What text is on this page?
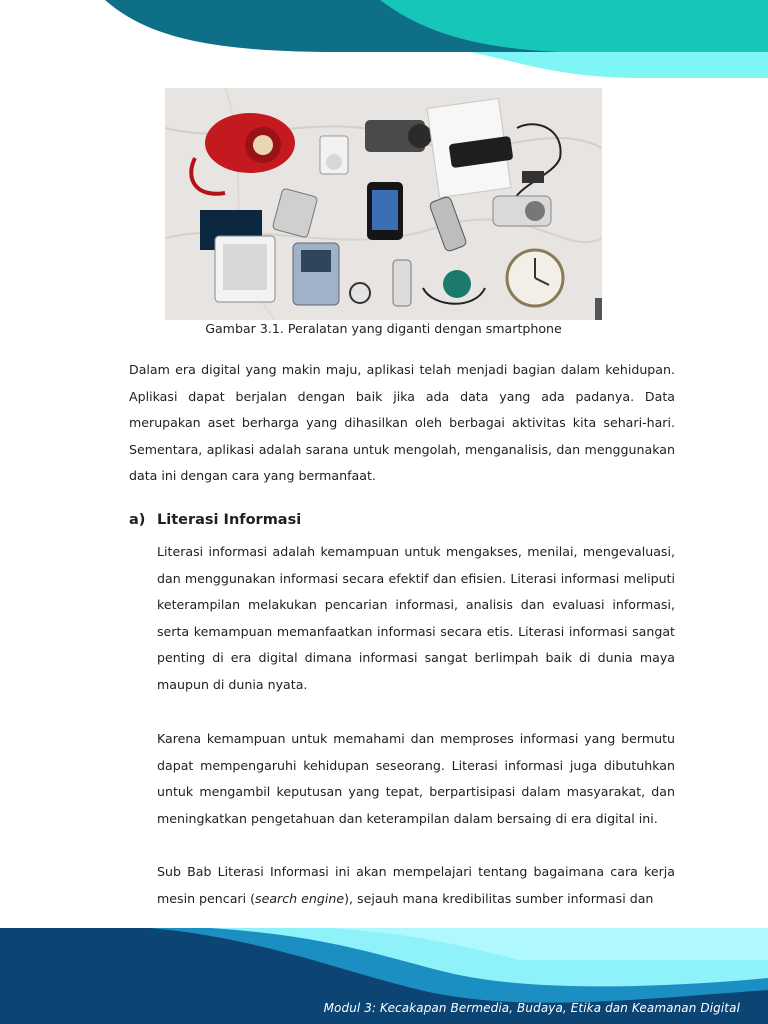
Gambar 3.1. Peralatan yang diganti dengan smartphone

Dalam era digital yang makin maju, aplikasi telah menjadi bagian dalam kehidupan. Aplikasi dapat berjalan dengan baik jika ada data yang ada padanya. Data merupakan aset berharga yang dihasilkan oleh berbagai aktivitas kita sehari-hari. Sementara, aplikasi adalah sarana untuk mengolah, menganalisis, dan menggunakan data ini dengan cara yang bermanfaat.

a) Literasi Informasi

Literasi informasi adalah kemampuan untuk mengakses, menilai, mengevaluasi, dan menggunakan informasi secara efektif dan efisien. Literasi informasi meliputi keterampilan melakukan pencarian informasi, analisis dan evaluasi informasi, serta kemampuan memanfaatkan informasi secara etis. Literasi informasi sangat penting di era digital dimana informasi sangat berlimpah baik di dunia maya maupun di dunia nyata.

Karena kemampuan untuk memahami dan memproses informasi yang bermutu dapat mempengaruhi kehidupan seseorang. Literasi informasi juga dibutuhkan untuk mengambil keputusan yang tepat, berpartisipasi dalam masyarakat, dan meningkatkan pengetahuan dan keterampilan dalam bersaing di era digital ini.

Sub Bab Literasi Informasi ini akan mempelajari tentang bagaimana cara kerja mesin pencari (search engine), sejauh mana kredibilitas sumber informasi dan

Modul 3: Kecakapan Bermedia, Budaya, Etika dan Keamanan Digital
